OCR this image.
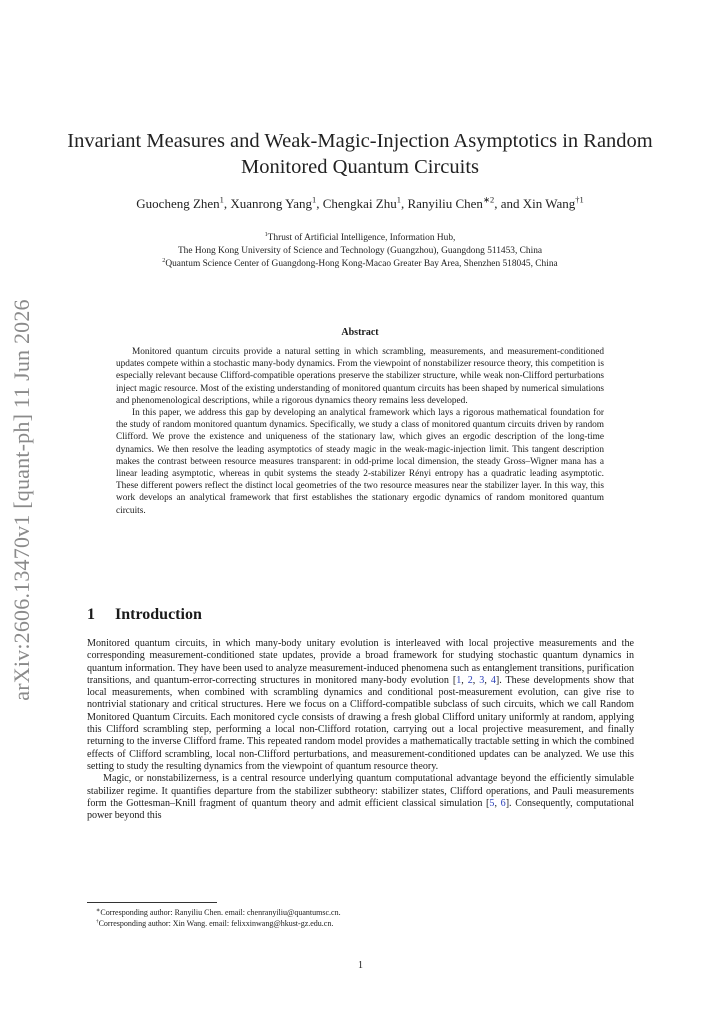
arXiv:2606.13470v1 [quant-ph] 11 Jun 2026
Invariant Measures and Weak-Magic-Injection Asymptotics in Random Monitored Quantum Circuits
Guocheng Zhen$^1$, Xuanrong Yang$^1$, Chengkai Zhu$^1$, Ranyiliu Chen$^{∗2}$, and Xin Wang$^{\dagger 1}$
$^1$Thrust of Artificial Intelligence, Information Hub,
The Hong Kong University of Science and Technology (Guangzhou), Guangdong 511453, China
$^2$Quantum Science Center of Guangdong-Hong Kong-Macao Greater Bay Area, Shenzhen 518045, China
Abstract

Monitored quantum circuits provide a natural setting in which scrambling, measurements, and measurement-conditioned updates compete within a stochastic many-body dynamics. From the viewpoint of nonstabilizer resource theory, this competition is especially relevant because Clifford-compatible operations preserve the stabilizer structure, while weak non-Clifford perturbations inject magic resource. Most of the existing understanding of monitored quantum circuits has been shaped by numerical simulations and phenomenological descriptions, while a rigorous dynamics theory remains less developed.

In this paper, we address this gap by developing an analytical framework which lays a rigorous mathematical foundation for the study of random monitored quantum dynamics. Specifically, we study a class of monitored quantum circuits driven by random Clifford. We prove the existence and uniqueness of the stationary law, which gives an ergodic description of the long-time dynamics. We then resolve the leading asymptotics of steady magic in the weak-magic-injection limit. This tangent description makes the contrast between resource measures transparent: in odd-prime local dimension, the steady Gross–Wigner mana has a linear leading asymptotic, whereas in qubit systems the steady 2-stabilizer Rényi entropy has a quadratic leading asymptotic. These different powers reflect the distinct local geometries of the two resource measures near the stabilizer layer. In this way, this work develops an analytical framework that first establishes the stationary ergodic dynamics of random monitored quantum circuits.

1 Introduction

Monitored quantum circuits, in which many-body unitary evolution is interleaved with local projective measurements and the corresponding measurement-conditioned state updates, provide a broad framework for studying stochastic quantum dynamics in quantum information. They have been used to analyze measurement-induced phenomena such as entanglement transitions, purification transitions, and quantum-error-correcting structures in monitored many-body evolution [1, 2, 3, 4]. These developments show that local measurements, when combined with scrambling dynamics and conditional post-measurement evolution, can give rise to nontrivial stationary and critical structures. Here we focus on a Clifford-compatible subclass of such circuits, which we call Random Monitored Quantum Circuits. Each monitored cycle consists of drawing a fresh global Clifford unitary uniformly at random, applying this Clifford scrambling step, performing a local non-Clifford rotation, carrying out a local projective measurement, and finally returning to the inverse Clifford frame. This repeated random model provides a mathematically tractable setting in which the combined effects of Clifford scrambling, local non-Clifford perturbations, and measurement-conditioned updates can be analyzed. We use this setting to study the resulting dynamics from the viewpoint of quantum resource theory.

Magic, or nonstabilizerness, is a central resource underlying quantum computational advantage beyond the efficiently simulable stabilizer regime. It quantifies departure from the stabilizer subtheory: stabilizer states, Clifford operations, and Pauli measurements form the Gottesman–Knill fragment of quantum theory and admit efficient classical simulation [5, 6]. Consequently, computational power beyond this

∗Corresponding author: Ranyiliu Chen. email: chenranyiliu@quantumsc.cn.
†Corresponding author: Xin Wang. email: felixxinwang@hkust-gz.edu.cn.
1
